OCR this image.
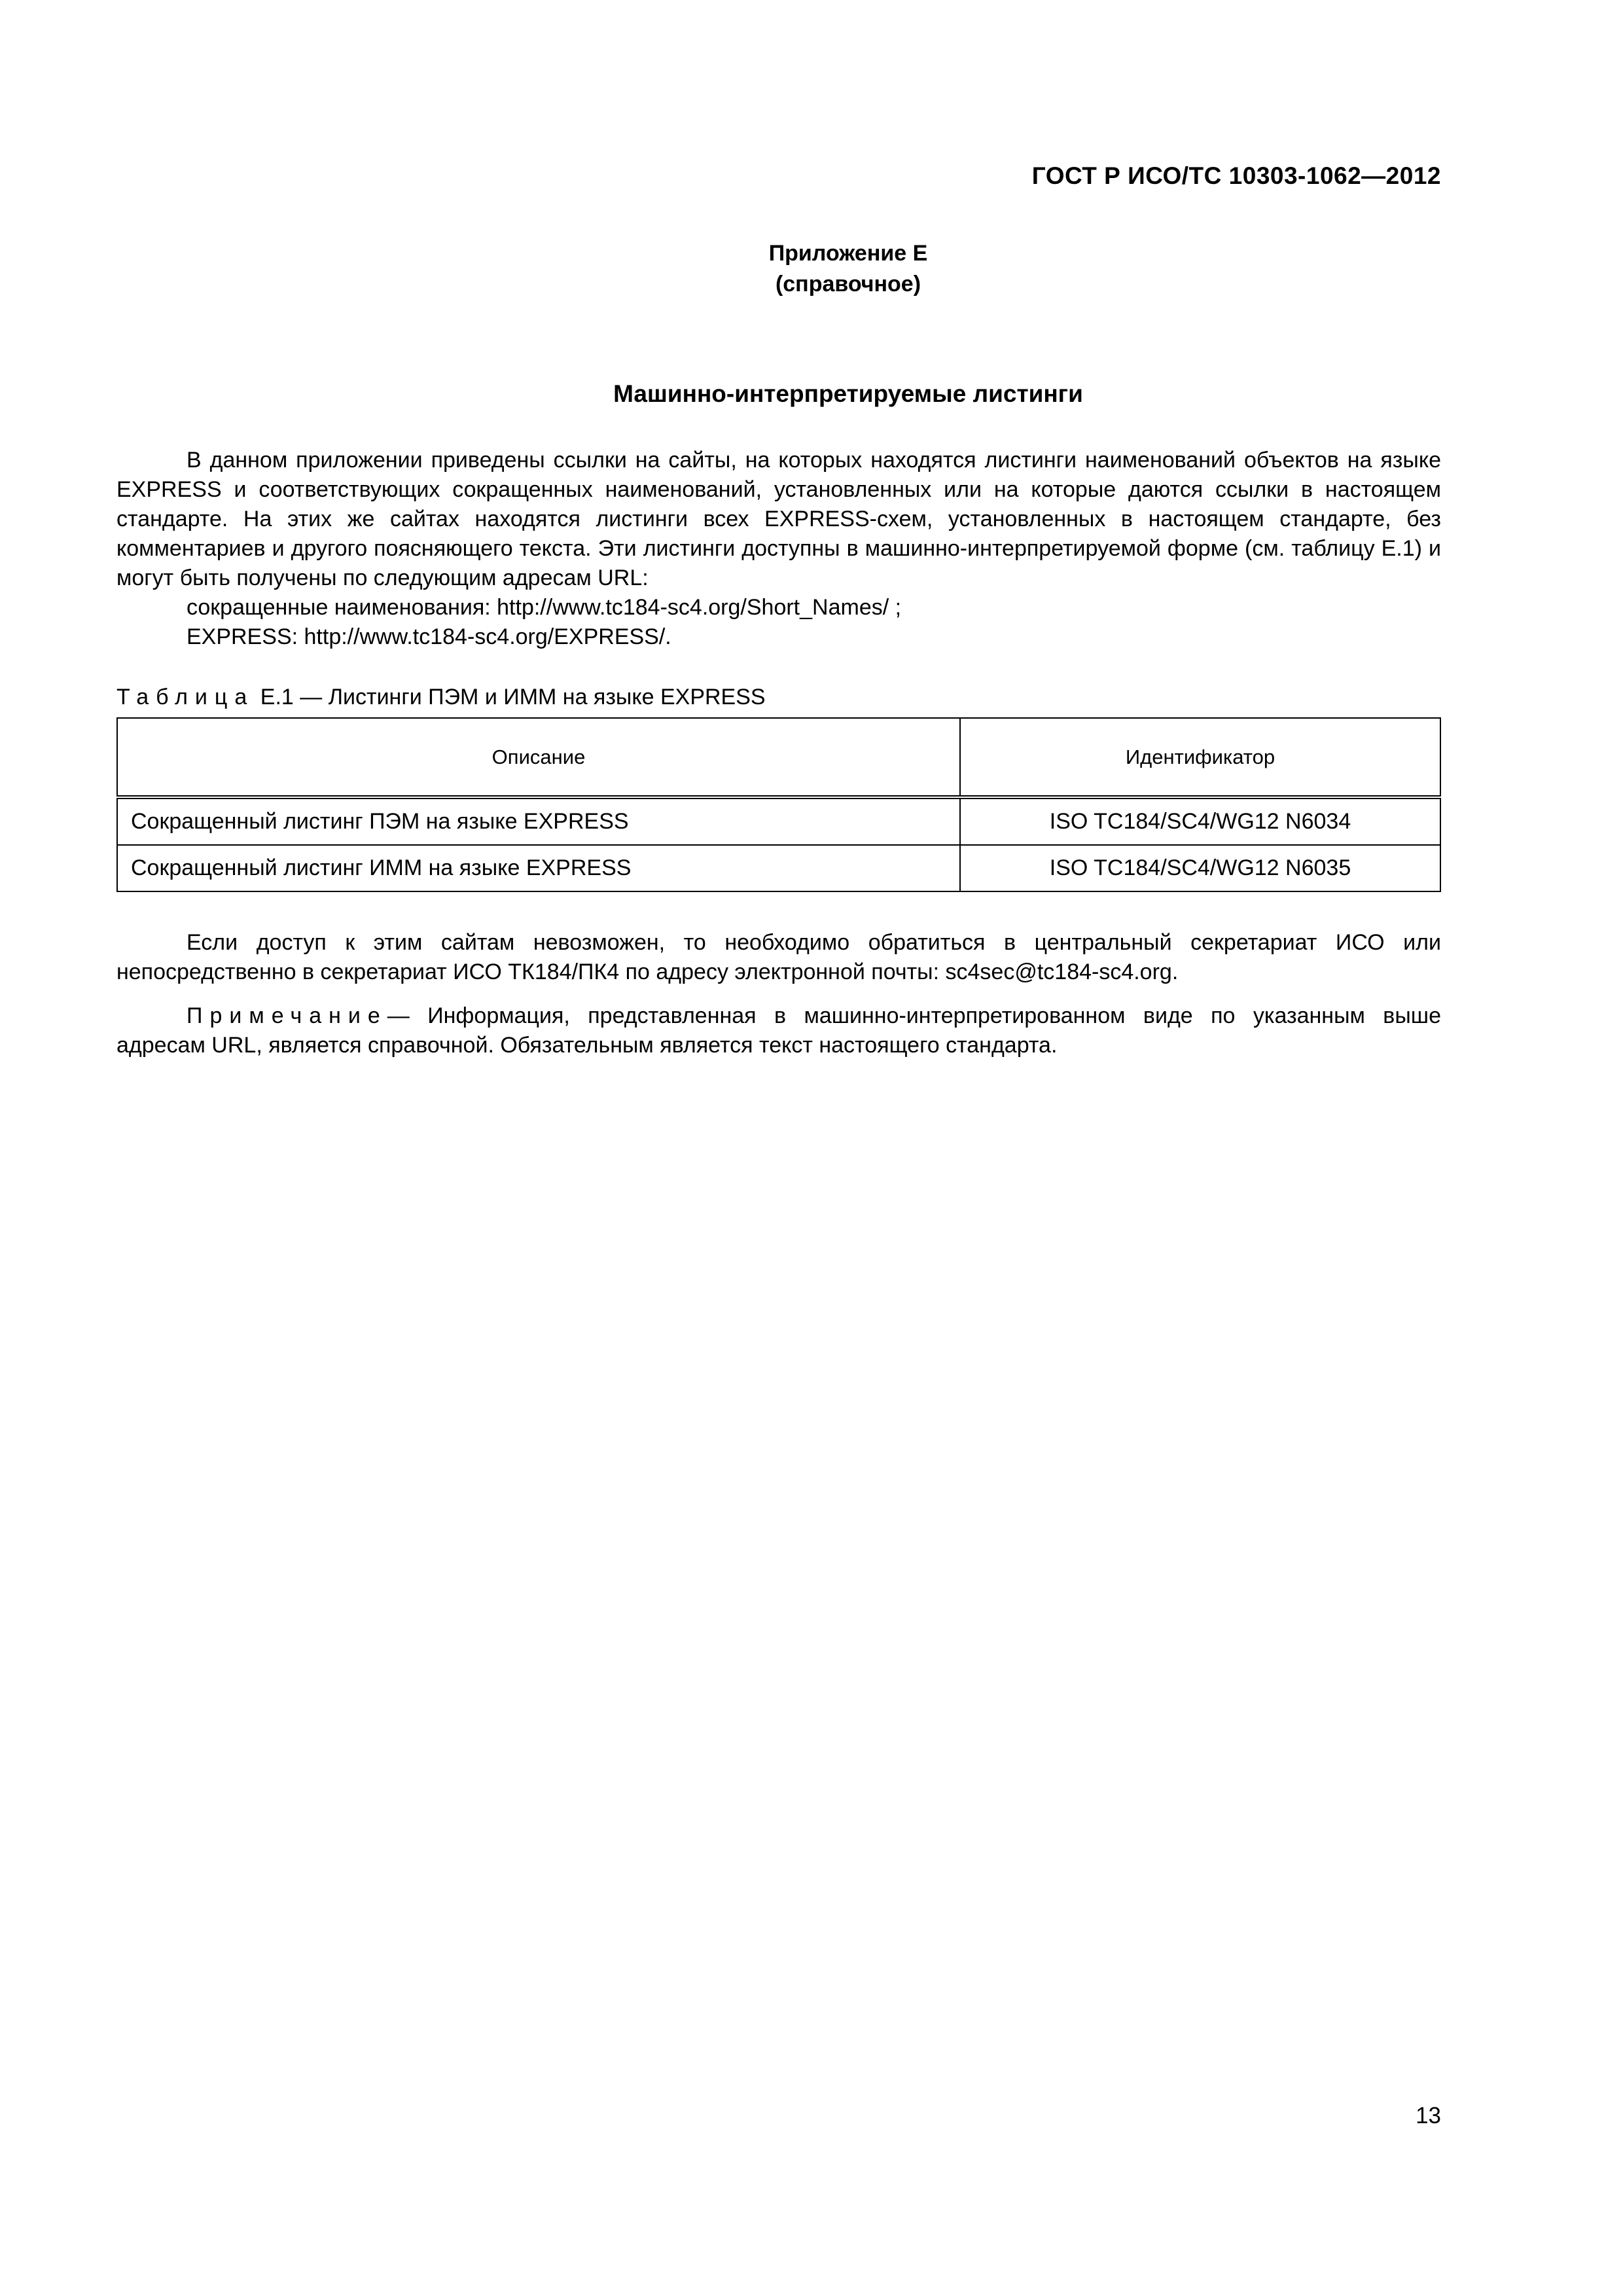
ГОСТ Р ИСО/ТС 10303-1062—2012
Приложение Е
(справочное)
Машинно-интерпретируемые листинги
В данном приложении приведены ссылки на сайты, на которых находятся листинги наименований объектов на языке EXPRESS и соответствующих сокращенных наименований, установленных или на которые даются ссылки в настоящем стандарте. На этих же сайтах находятся листинги всех EXPRESS-схем, установленных в настоящем стандарте, без комментариев и другого поясняющего текста. Эти листинги доступны в машинно-интерпретируемой форме (см. таблицу Е.1) и могут быть получены по следующим адресам URL:
сокращенные наименования: http://www.tc184-sc4.org/Short_Names/ ;
EXPRESS: http://www.tc184-sc4.org/EXPRESS/.
Таблица Е.1 — Листинги ПЭМ и ИММ на языке EXPRESS
Описание	Идентификатор
Сокращенный листинг ПЭМ на языке EXPRESS	ISO TC184/SC4/WG12 N6034
Сокращенный листинг ИММ на языке EXPRESS	ISO TC184/SC4/WG12 N6035
Если доступ к этим сайтам невозможен, то необходимо обратиться в центральный секретариат ИСО или непосредственно в секретариат ИСО ТК184/ПК4 по адресу электронной почты: sc4sec@tc184-sc4.org.
Примечание— Информация, представленная в машинно-интерпретированном виде по указанным выше адресам URL, является справочной. Обязательным является текст настоящего стандарта.
13
